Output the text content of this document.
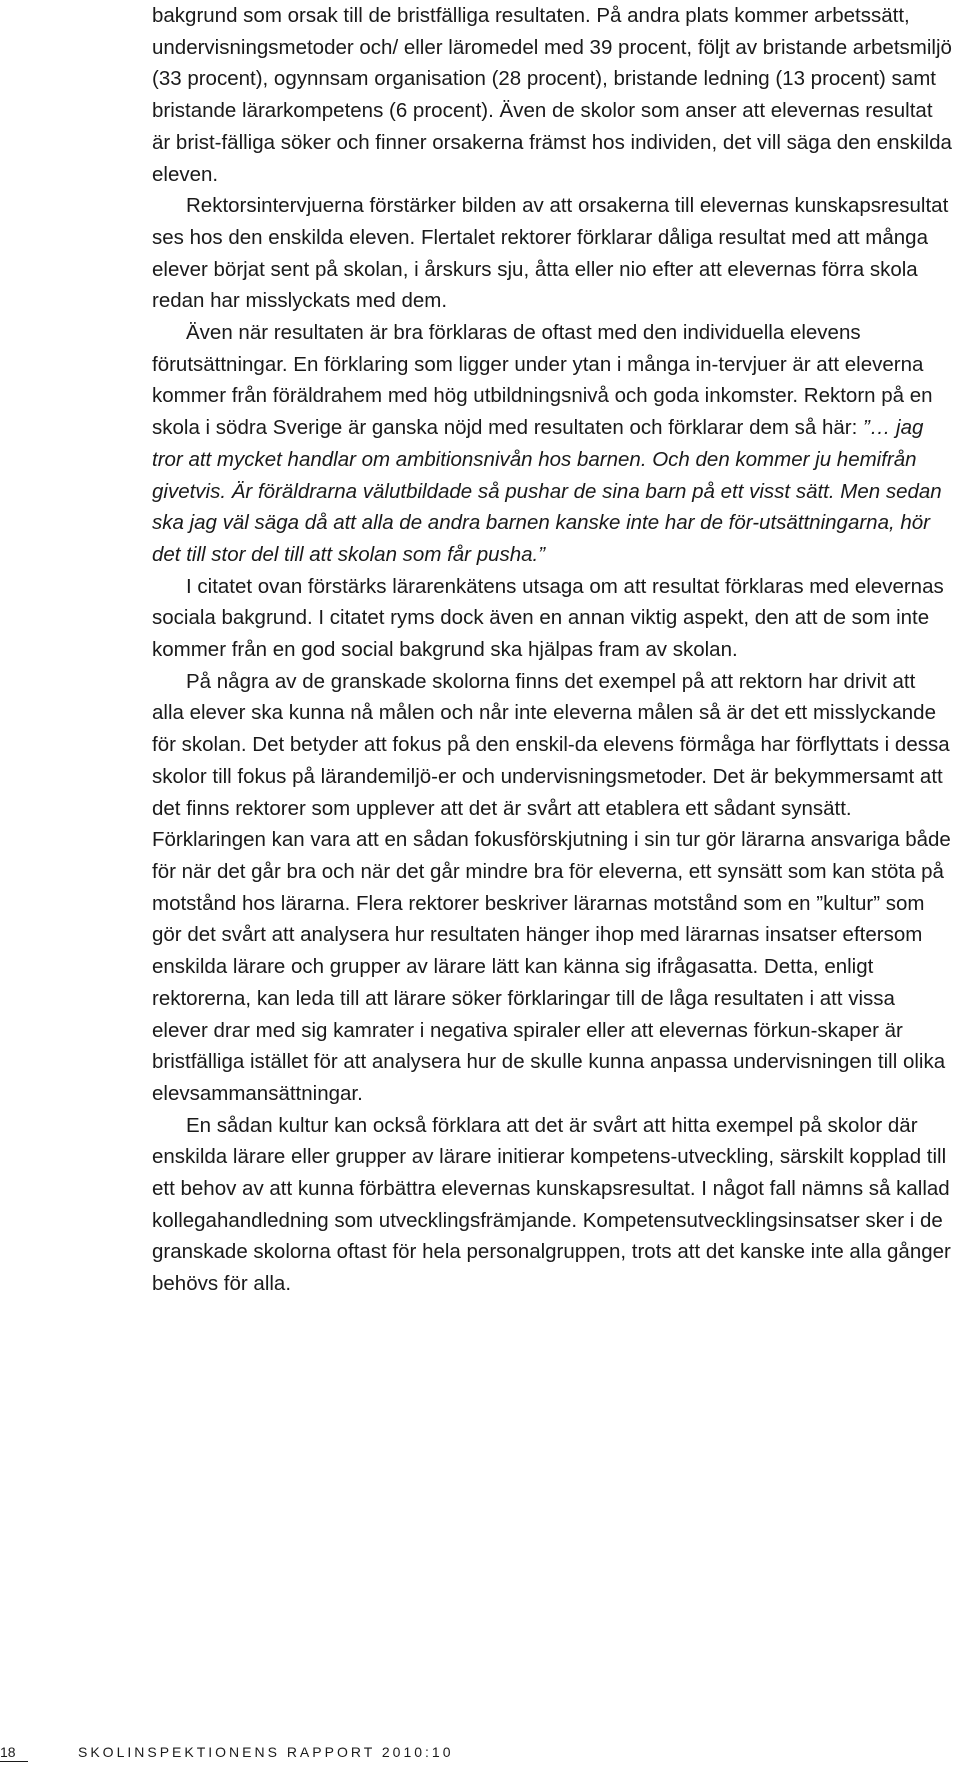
bakgrund som orsak till de bristfälliga resultaten. På andra plats kommer arbetssätt, undervisningsmetoder och/ eller läromedel med 39 procent, följt av bristande arbetsmiljö (33 procent), ogynnsam organisation (28 procent), bristande ledning (13 procent) samt bristande lärarkompetens (6 procent). Även de skolor som anser att elevernas resultat är brist-fälliga söker och finner orsakerna främst hos individen, det vill säga den enskilda eleven.

Rektorsintervjuerna förstärker bilden av att orsakerna till elevernas kunskapsresultat ses hos den enskilda eleven. Flertalet rektorer förklarar dåliga resultat med att många elever börjat sent på skolan, i årskurs sju, åtta eller nio efter att elevernas förra skola redan har misslyckats med dem.

Även när resultaten är bra förklaras de oftast med den individuella elevens förutsättningar. En förklaring som ligger under ytan i många in-tervjuer är att eleverna kommer från föräldrahem med hög utbildningsnivå och goda inkomster. Rektorn på en skola i södra Sverige är ganska nöjd med resultaten och förklarar dem så här: ”… jag tror att mycket handlar om ambitionsnivån hos barnen. Och den kommer ju hemifrån givetvis. Är föräldrarna välutbildade så pushar de sina barn på ett visst sätt. Men sedan ska jag väl säga då att alla de andra barnen kanske inte har de för-utsättningarna, hör det till stor del till att skolan som får pusha.”

I citatet ovan förstärks lärarenkätens utsaga om att resultat förklaras med elevernas sociala bakgrund. I citatet ryms dock även en annan viktig aspekt, den att de som inte kommer från en god social bakgrund ska hjälpas fram av skolan.

På några av de granskade skolorna finns det exempel på att rektorn har drivit att alla elever ska kunna nå målen och når inte eleverna målen så är det ett misslyckande för skolan. Det betyder att fokus på den enskil-da elevens förmåga har förflyttats i dessa skolor till fokus på lärandemiljö-er och undervisningsmetoder. Det är bekymmersamt att det finns rektorer som upplever att det är svårt att etablera ett sådant synsätt. Förklaringen kan vara att en sådan fokusförskjutning i sin tur gör lärarna ansvariga både för när det går bra och när det går mindre bra för eleverna, ett synsätt som kan stöta på motstånd hos lärarna. Flera rektorer beskriver lärarnas motstånd som en ”kultur” som gör det svårt att analysera hur resultaten hänger ihop med lärarnas insatser eftersom enskilda lärare och grupper av lärare lätt kan känna sig ifrågasatta. Detta, enligt rektorerna, kan leda till att lärare söker förklaringar till de låga resultaten i att vissa elever drar med sig kamrater i negativa spiraler eller att elevernas förkun-skaper är bristfälliga istället för att analysera hur de skulle kunna anpassa undervisningen till olika elevsammansättningar.

En sådan kultur kan också förklara att det är svårt att hitta exempel på skolor där enskilda lärare eller grupper av lärare initierar kompetens-utveckling, särskilt kopplad till ett behov av att kunna förbättra elevernas kunskapsresultat. I något fall nämns så kallad kollegahandledning som utvecklingsfrämjande. Kompetensutvecklingsinsatser sker i de granskade skolorna oftast för hela personalgruppen, trots att det kanske inte alla gånger behövs för alla.

18	SKOLINSPEKTIONENS RAPPORT 2010:10
